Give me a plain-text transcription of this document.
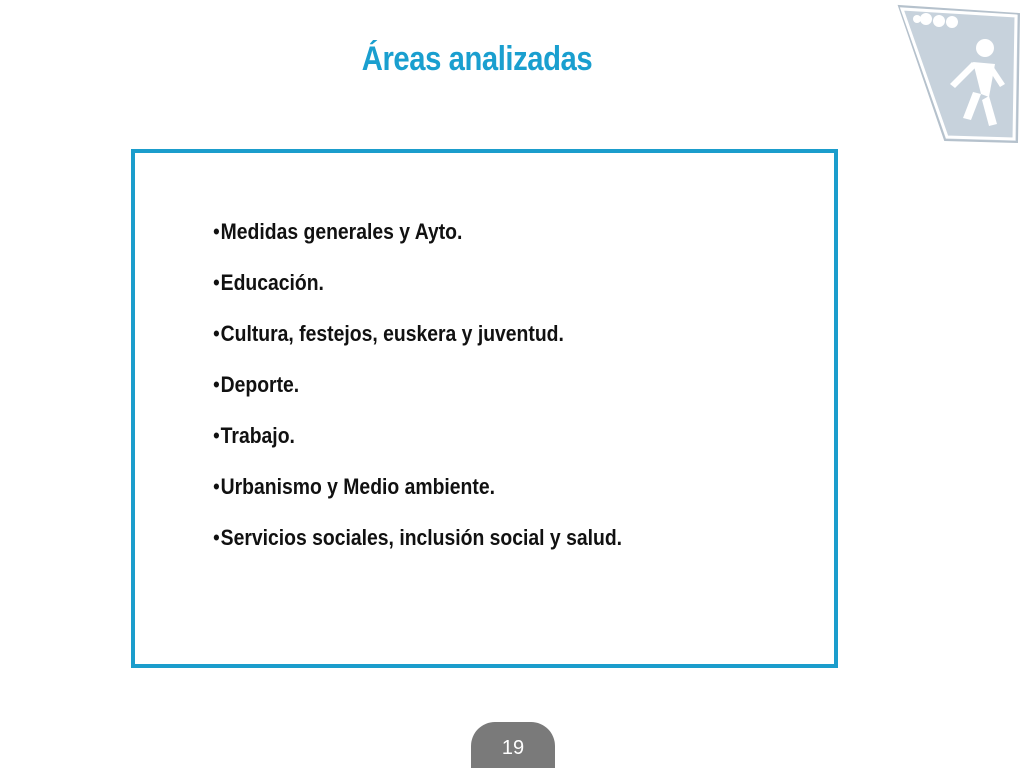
Áreas analizadas
•Medidas generales y Ayto.
•Educación.
•Cultura, festejos, euskera y juventud.
•Deporte.
•Trabajo.
•Urbanismo y Medio ambiente.
•Servicios sociales, inclusión social y salud.
19
